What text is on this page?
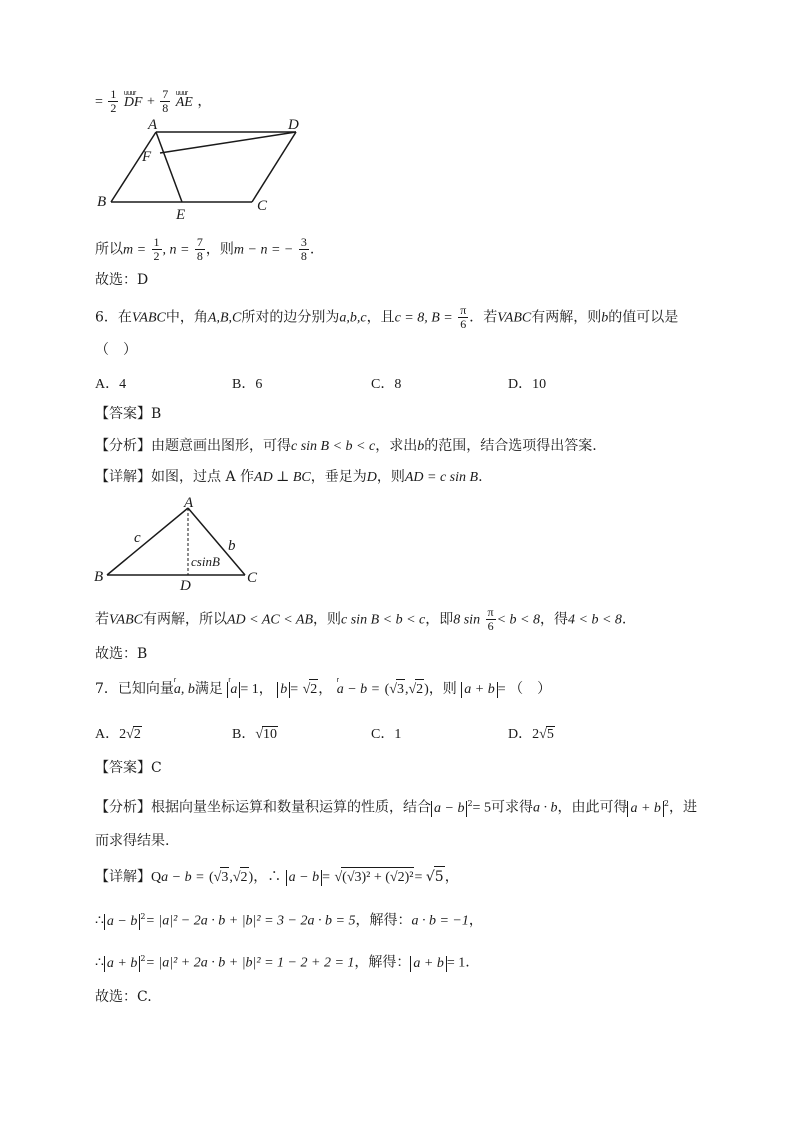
= $\frac{1}{2}$
uuur
DF + $\frac{7}{8}$
uuur
AE ，
A	D
F
B
E
C
所以$m = \frac{1}{2}$ , $n = \frac{7}{8}$ ，则m − n = − $\frac{3}{8}$ .
故选：D
6．在VABC中，角A,B,C所对的边分别为a,b,c，且c = 8, $B = \frac{\pi}{6}$ ．若VABC有两解，则b的值可以是
（　）
A．4	B．6	C．8	D．10
【答案】B
【分析】由题意画出图形，可得c sin B < b < c，求出b的范围，结合选项得出答案.
【详解】如图，过点 A 作AD ⊥ BC，垂足为D，则AD = c sin B.
A
B	C
D
c	b
csinB
若VABC有两解，所以AD < AC < AB，则c sin B < b < c，即8 $\sin \frac{\pi}{6} < b < 8$，得4 < b < 8.
故选：B
7．已知向量
r
a, b满足 a
r
= 1， b = √2，
r
a − b = (√3,√2)，则 a + b = （　）
A．2√2	B．√10	C．1	D．2√5
【答案】C
【分析】根据向量坐标运算和数量积运算的性质，结合 a − b $^2$= 5可求得a · b，由此可得 a + b $^2$，进
而求得结果.
【详解】Qa − b = (√3,√2)，∴ a − b = √(√3)² + (√2)²= √5，
∴ a − b $^2$= |a|² − 2a · b + |b|² = 3 − 2a · b = 5，解得：a · b = −1，
∴ a + b $^2$= |a|² + 2a · b + |b|² = 1 − 2 + 2 = 1，解得： a + b = 1.
故选：C.
